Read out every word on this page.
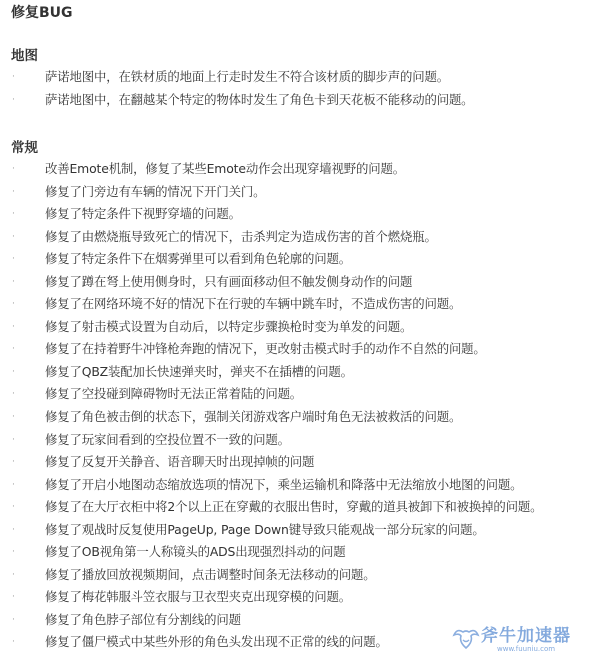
修复BUG
地图
· 萨诺地图中，在铁材质的地面上行走时发生不符合该材质的脚步声的问题。
· 萨诺地图中，在翻越某个特定的物体时发生了角色卡到天花板不能移动的问题。
常规
· 改善Emote机制，修复了某些Emote动作会出现穿墙视野的问题。
· 修复了门旁边有车辆的情况下开门关门。
· 修复了特定条件下视野穿墙的问题。
· 修复了由燃烧瓶导致死亡的情况下，击杀判定为造成伤害的首个燃烧瓶。
· 修复了特定条件下在烟雾弹里可以看到角色轮廓的问题。
· 修复了蹲在弩上使用侧身时，只有画面移动但不触发侧身动作的问题
· 修复了在网络环境不好的情况下在行驶的车辆中跳车时，不造成伤害的问题。
· 修复了射击模式设置为自动后，以特定步骤换枪时变为单发的问题。
· 修复了在持着野牛冲锋枪奔跑的情况下，更改射击模式时手的动作不自然的问题。
· 修复了QBZ装配加长快速弹夹时，弹夹不在插槽的问题。
· 修复了空投碰到障碍物时无法正常着陆的问题。
· 修复了角色被击倒的状态下，强制关闭游戏客户端时角色无法被救活的问题。
· 修复了玩家间看到的空投位置不一致的问题。
· 修复了反复开关静音、语音聊天时出现掉帧的问题
· 修复了开启小地图动态缩放选项的情况下，乘坐运输机和降落中无法缩放小地图的问题。
· 修复了在大厅衣柜中将2个以上正在穿戴的衣服出售时，穿戴的道具被卸下和被换掉的问题。
· 修复了观战时反复使用PageUp, Page Down键导致只能观战一部分玩家的问题。
· 修复了OB视角第一人称镜头的ADS出现强烈抖动的问题
· 修复了播放回放视频期间，点击调整时间条无法移动的问题。
· 修复了梅花韩服斗笠衣服与卫衣型夹克出现穿模的问题。
· 修复了角色脖子部位有分割线的问题
· 修复了僵尸模式中某些外形的角色头发出现不正常的线的问题。	斧牛加速器
www.fuuniu.com
